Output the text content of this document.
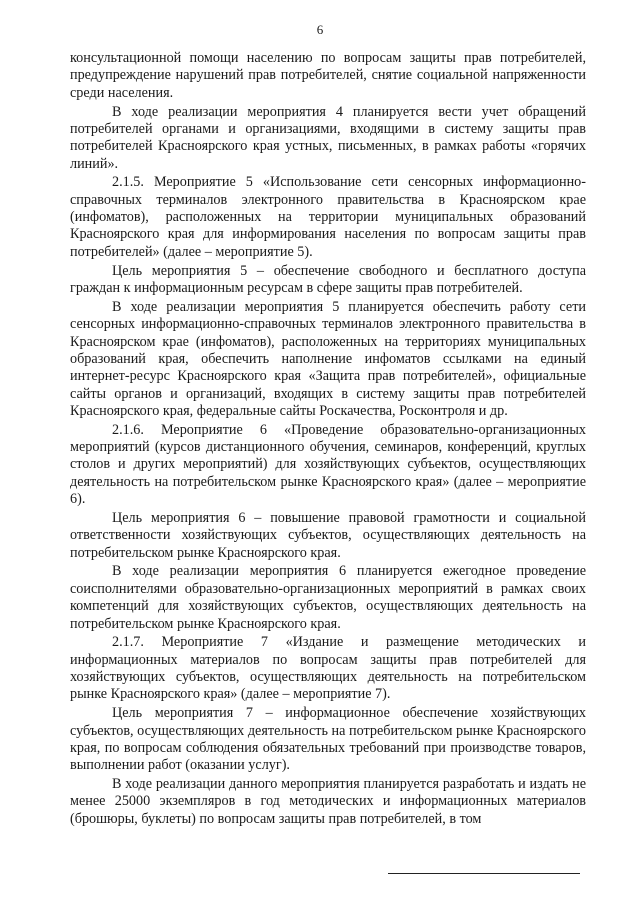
6

консультационной помощи населению по вопросам защиты прав потребителей, предупреждение нарушений прав потребителей, снятие социальной напряженности среди населения.

В ходе реализации мероприятия 4 планируется вести учет обращений потребителей органами и организациями, входящими в систему защиты прав потребителей Красноярского края устных, письменных, в рамках работы «горячих линий».

2.1.5. Мероприятие 5 «Использование сети сенсорных информационно-справочных терминалов электронного правительства в Красноярском крае (инфоматов), расположенных на территории муниципальных образований Красноярского края для информирования населения по вопросам защиты прав потребителей» (далее – мероприятие 5).

Цель мероприятия 5 – обеспечение свободного и бесплатного доступа граждан к информационным ресурсам в сфере защиты прав потребителей.

В ходе реализации мероприятия 5 планируется обеспечить работу сети сенсорных информационно-справочных терминалов электронного правительства в Красноярском крае (инфоматов), расположенных на территориях муниципальных образований края, обеспечить наполнение инфоматов ссылками на единый интернет-ресурс Красноярского края «Защита прав потребителей», официальные сайты органов и организаций, входящих в систему защиты прав потребителей Красноярского края, федеральные сайты Роскачества, Росконтроля и др.

2.1.6. Мероприятие 6 «Проведение образовательно-организационных мероприятий (курсов дистанционного обучения, семинаров, конференций, круглых столов и других мероприятий) для хозяйствующих субъектов, осуществляющих деятельность на потребительском рынке Красноярского края» (далее – мероприятие 6).

Цель мероприятия 6 – повышение правовой грамотности и социальной ответственности хозяйствующих субъектов, осуществляющих деятельность на потребительском рынке Красноярского края.

В ходе реализации мероприятия 6 планируется ежегодное проведение соисполнителями образовательно-организационных мероприятий в рамках своих компетенций для хозяйствующих субъектов, осуществляющих деятельность на потребительском рынке Красноярского края.

2.1.7. Мероприятие 7 «Издание и размещение методических и информационных материалов по вопросам защиты прав потребителей для хозяйствующих субъектов, осуществляющих деятельность на потребительском рынке Красноярского края» (далее – мероприятие 7).

Цель мероприятия 7 – информационное обеспечение хозяйствующих субъектов, осуществляющих деятельность на потребительском рынке Красноярского края, по вопросам соблюдения обязательных требований при производстве товаров, выполнении работ (оказании услуг).

В ходе реализации данного мероприятия планируется разработать и издать не менее 25000 экземпляров в год методических и информационных материалов (брошюры, буклеты) по вопросам защиты прав потребителей, в том
